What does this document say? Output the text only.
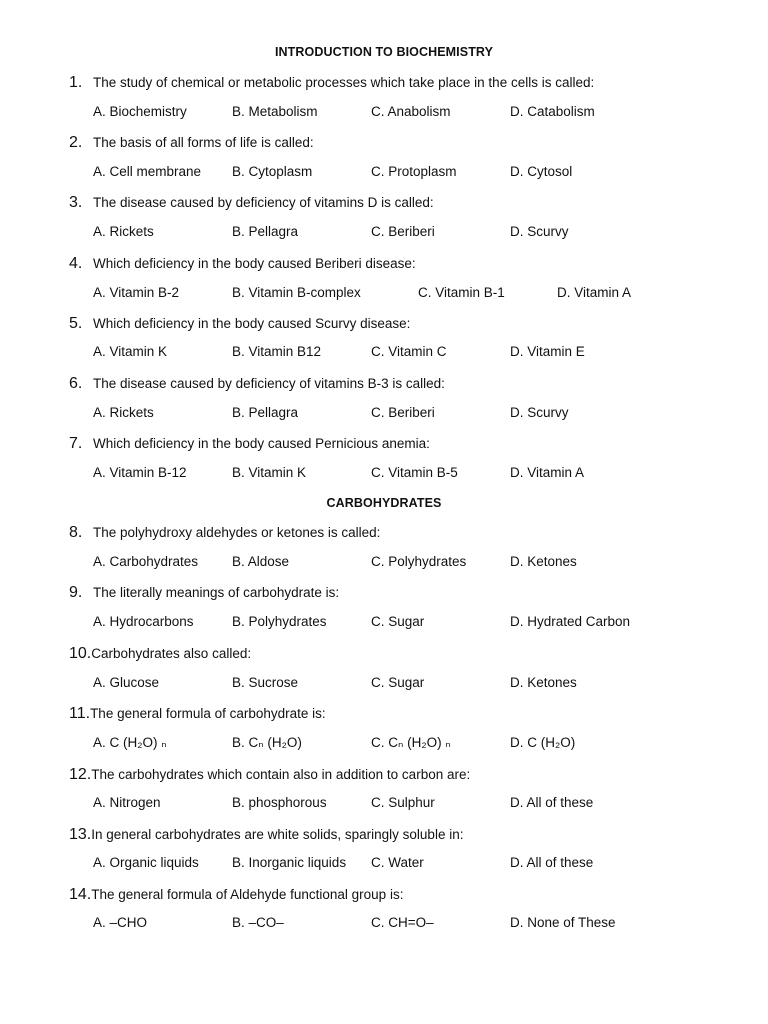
INTRODUCTION TO BIOCHEMISTRY
CARBOHYDRATES
1. The study of chemical or metabolic processes which take place in the cells is called:
A. Biochemistry	B. Metabolism	C. Anabolism	D. Catabolism
2. The basis of all forms of life is called:
A. Cell membrane B. Cytoplasm	C. Protoplasm	D. Cytosol
3. The disease caused by deficiency of vitamins D is called:
A. Rickets	B. Pellagra	C. Beriberi	D. Scurvy
4. Which deficiency in the body caused Beriberi disease:
A. Vitamin B-2	B. Vitamin B-complex	C. Vitamin B-1	D. Vitamin A
5. Which deficiency in the body caused Scurvy disease:
A. Vitamin K	B. Vitamin B12	C. Vitamin C	D. Vitamin E
6. The disease caused by deficiency of vitamins B-3 is called:
A. Rickets	B. Pellagra	C. Beriberi	D. Scurvy
7. Which deficiency in the body caused Pernicious anemia:
A. Vitamin B-12	B. Vitamin K	C. Vitamin B-5	D. Vitamin A
8. The polyhydroxy aldehydes or ketones is called:
A. Carbohydrates	B. Aldose	C. Polyhydrates	D. Ketones
9. The literally meanings of carbohydrate is:
A. Hydrocarbons	B. Polyhydrates	C. Sugar	D. Hydrated Carbon
10.Carbohydrates also called:
A. Glucose	B. Sucrose	C. Sugar	D. Ketones
11.The general formula of carbohydrate is:
A. C (H₂O) ₙ	B. Cₙ (H₂O)	C. Cₙ (H₂O) ₙ	D. C (H₂O)
12.The carbohydrates which contain also in addition to carbon are:
A. Nitrogen	B. phosphorous	C. Sulphur	D. All of these
13.In general carbohydrates are white solids, sparingly soluble in:
A. Organic liquids B. Inorganic liquids C. Water	D. All of these
14.The general formula of Aldehyde functional group is:
A. –CHO	B. –CO–	C. CH=O–	D. None of These
